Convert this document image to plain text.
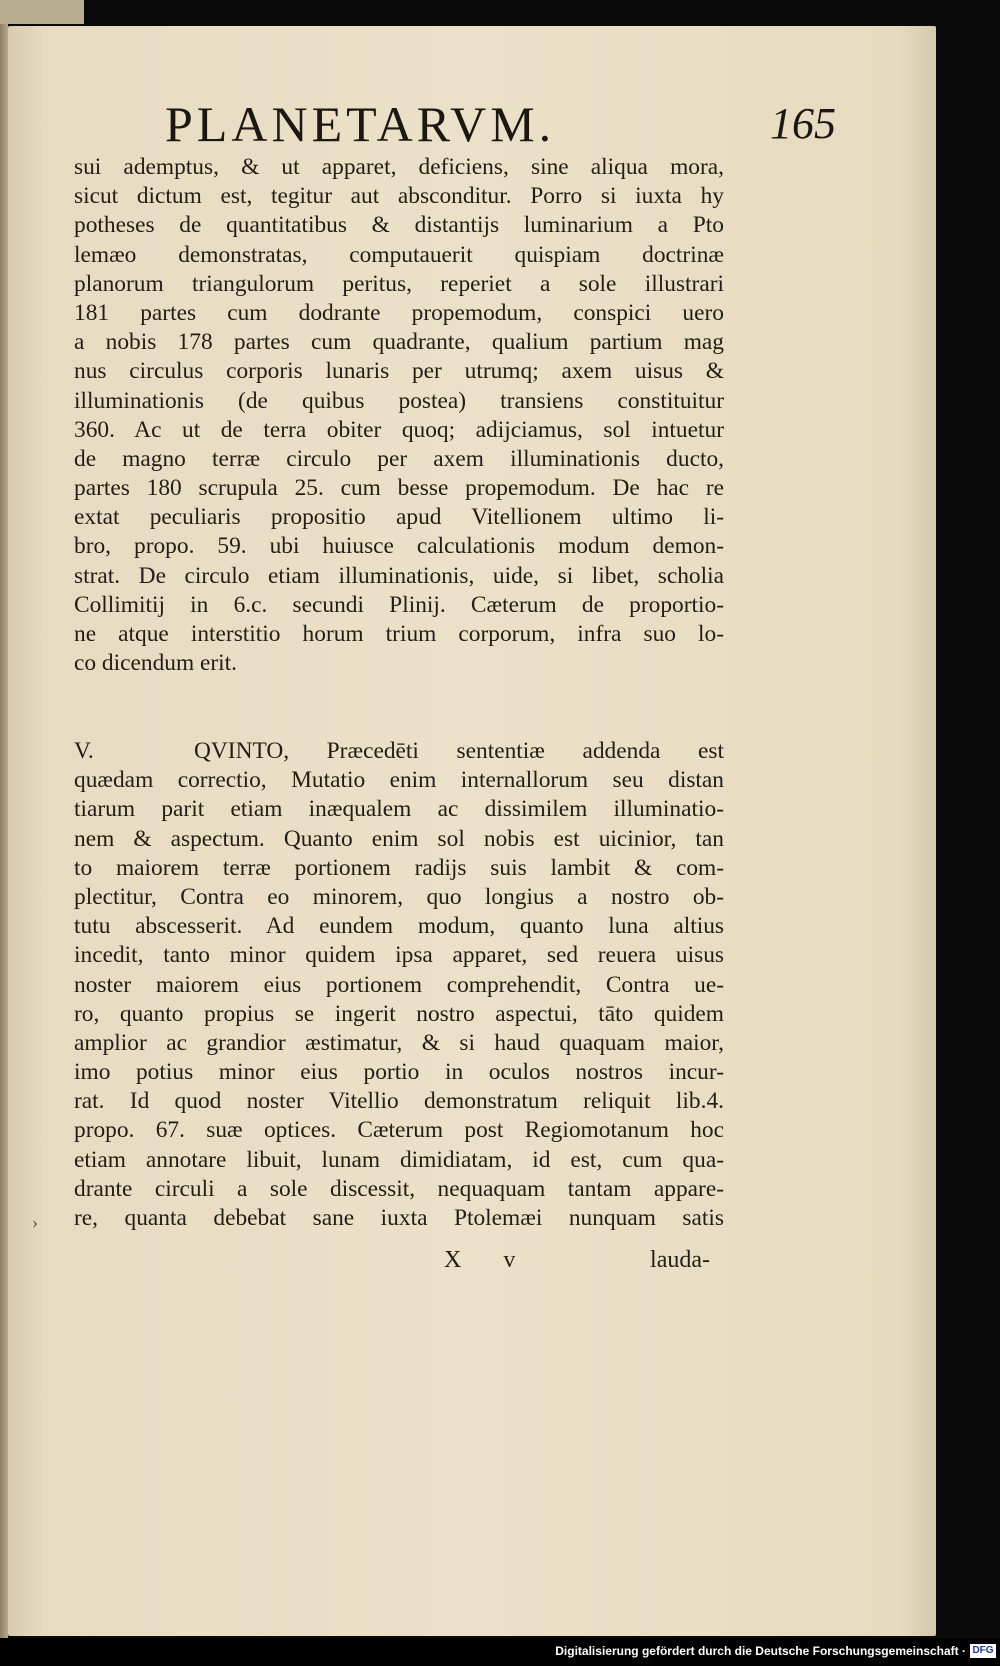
PLANETARVM.	165
sui ademptus, & ut apparet, deficiens, sine aliqua mora,
sicut dictum est, tegitur aut absconditur. Porro si iuxta hy
potheses de quantitatibus & distantijs luminarium a Pto
lemæo demonstratas, computauerit quispiam doctrinæ
planorum triangulorum peritus, reperiet a sole illustrari
181 partes cum dodrante propemodum, conspici uero
a nobis 178 partes cum quadrante, qualium partium mag
nus circulus corporis lunaris per utrumq; axem uisus &
illuminationis (de quibus postea) transiens constituitur
360. Ac ut de terra obiter quoq; adijciamus, sol intuetur
de magno terræ circulo per axem illuminationis ducto,
partes 180 scrupula 25. cum besse propemodum. De hac re
extat peculiaris propositio apud Vitellionem ultimo li-
bro, propo. 59. ubi huiusce calculationis modum demon-
strat. De circulo etiam illuminationis, uide, si libet, scholia
Collimitij in 6.c. secundi Plinij. Cæterum de proportio-
ne atque interstitio horum trium corporum, infra suo lo-
co dicendum erit.
V.	QVINTO, Præcedēti sententiæ addenda est
quædam correctio, Mutatio enim internallorum seu distan
tiarum parit etiam inæqualem ac dissimilem illuminatio-
nem & aspectum. Quanto enim sol nobis est uicinior, tan
to maiorem terræ portionem radijs suis lambit & com-
plectitur, Contra eo minorem, quo longius a nostro ob-
tutu abscesserit. Ad eundem modum, quanto luna altius
incedit, tanto minor quidem ipsa apparet, sed reuera uisus
noster maiorem eius portionem comprehendit, Contra ue-
ro, quanto propius se ingerit nostro aspectui, tāto quidem
amplior ac grandior æstimatur, & si haud quaquam maior,
imo potius minor eius portio in oculos nostros incur-
rat. Id quod noster Vitellio demonstratum reliquit lib.4.
propo. 67. suæ optices. Cæterum post Regiomotanum hoc
etiam annotare libuit, lunam dimidiatam, id est, cum qua-
drante circuli a sole discessit, nequaquam tantam appare-
re, quanta debebat sane iuxta Ptolemæi nunquam satis
›
X v	lauda-
Digitalisierung gefördert durch die Deutsche Forschungsgemeinschaft · DFG
